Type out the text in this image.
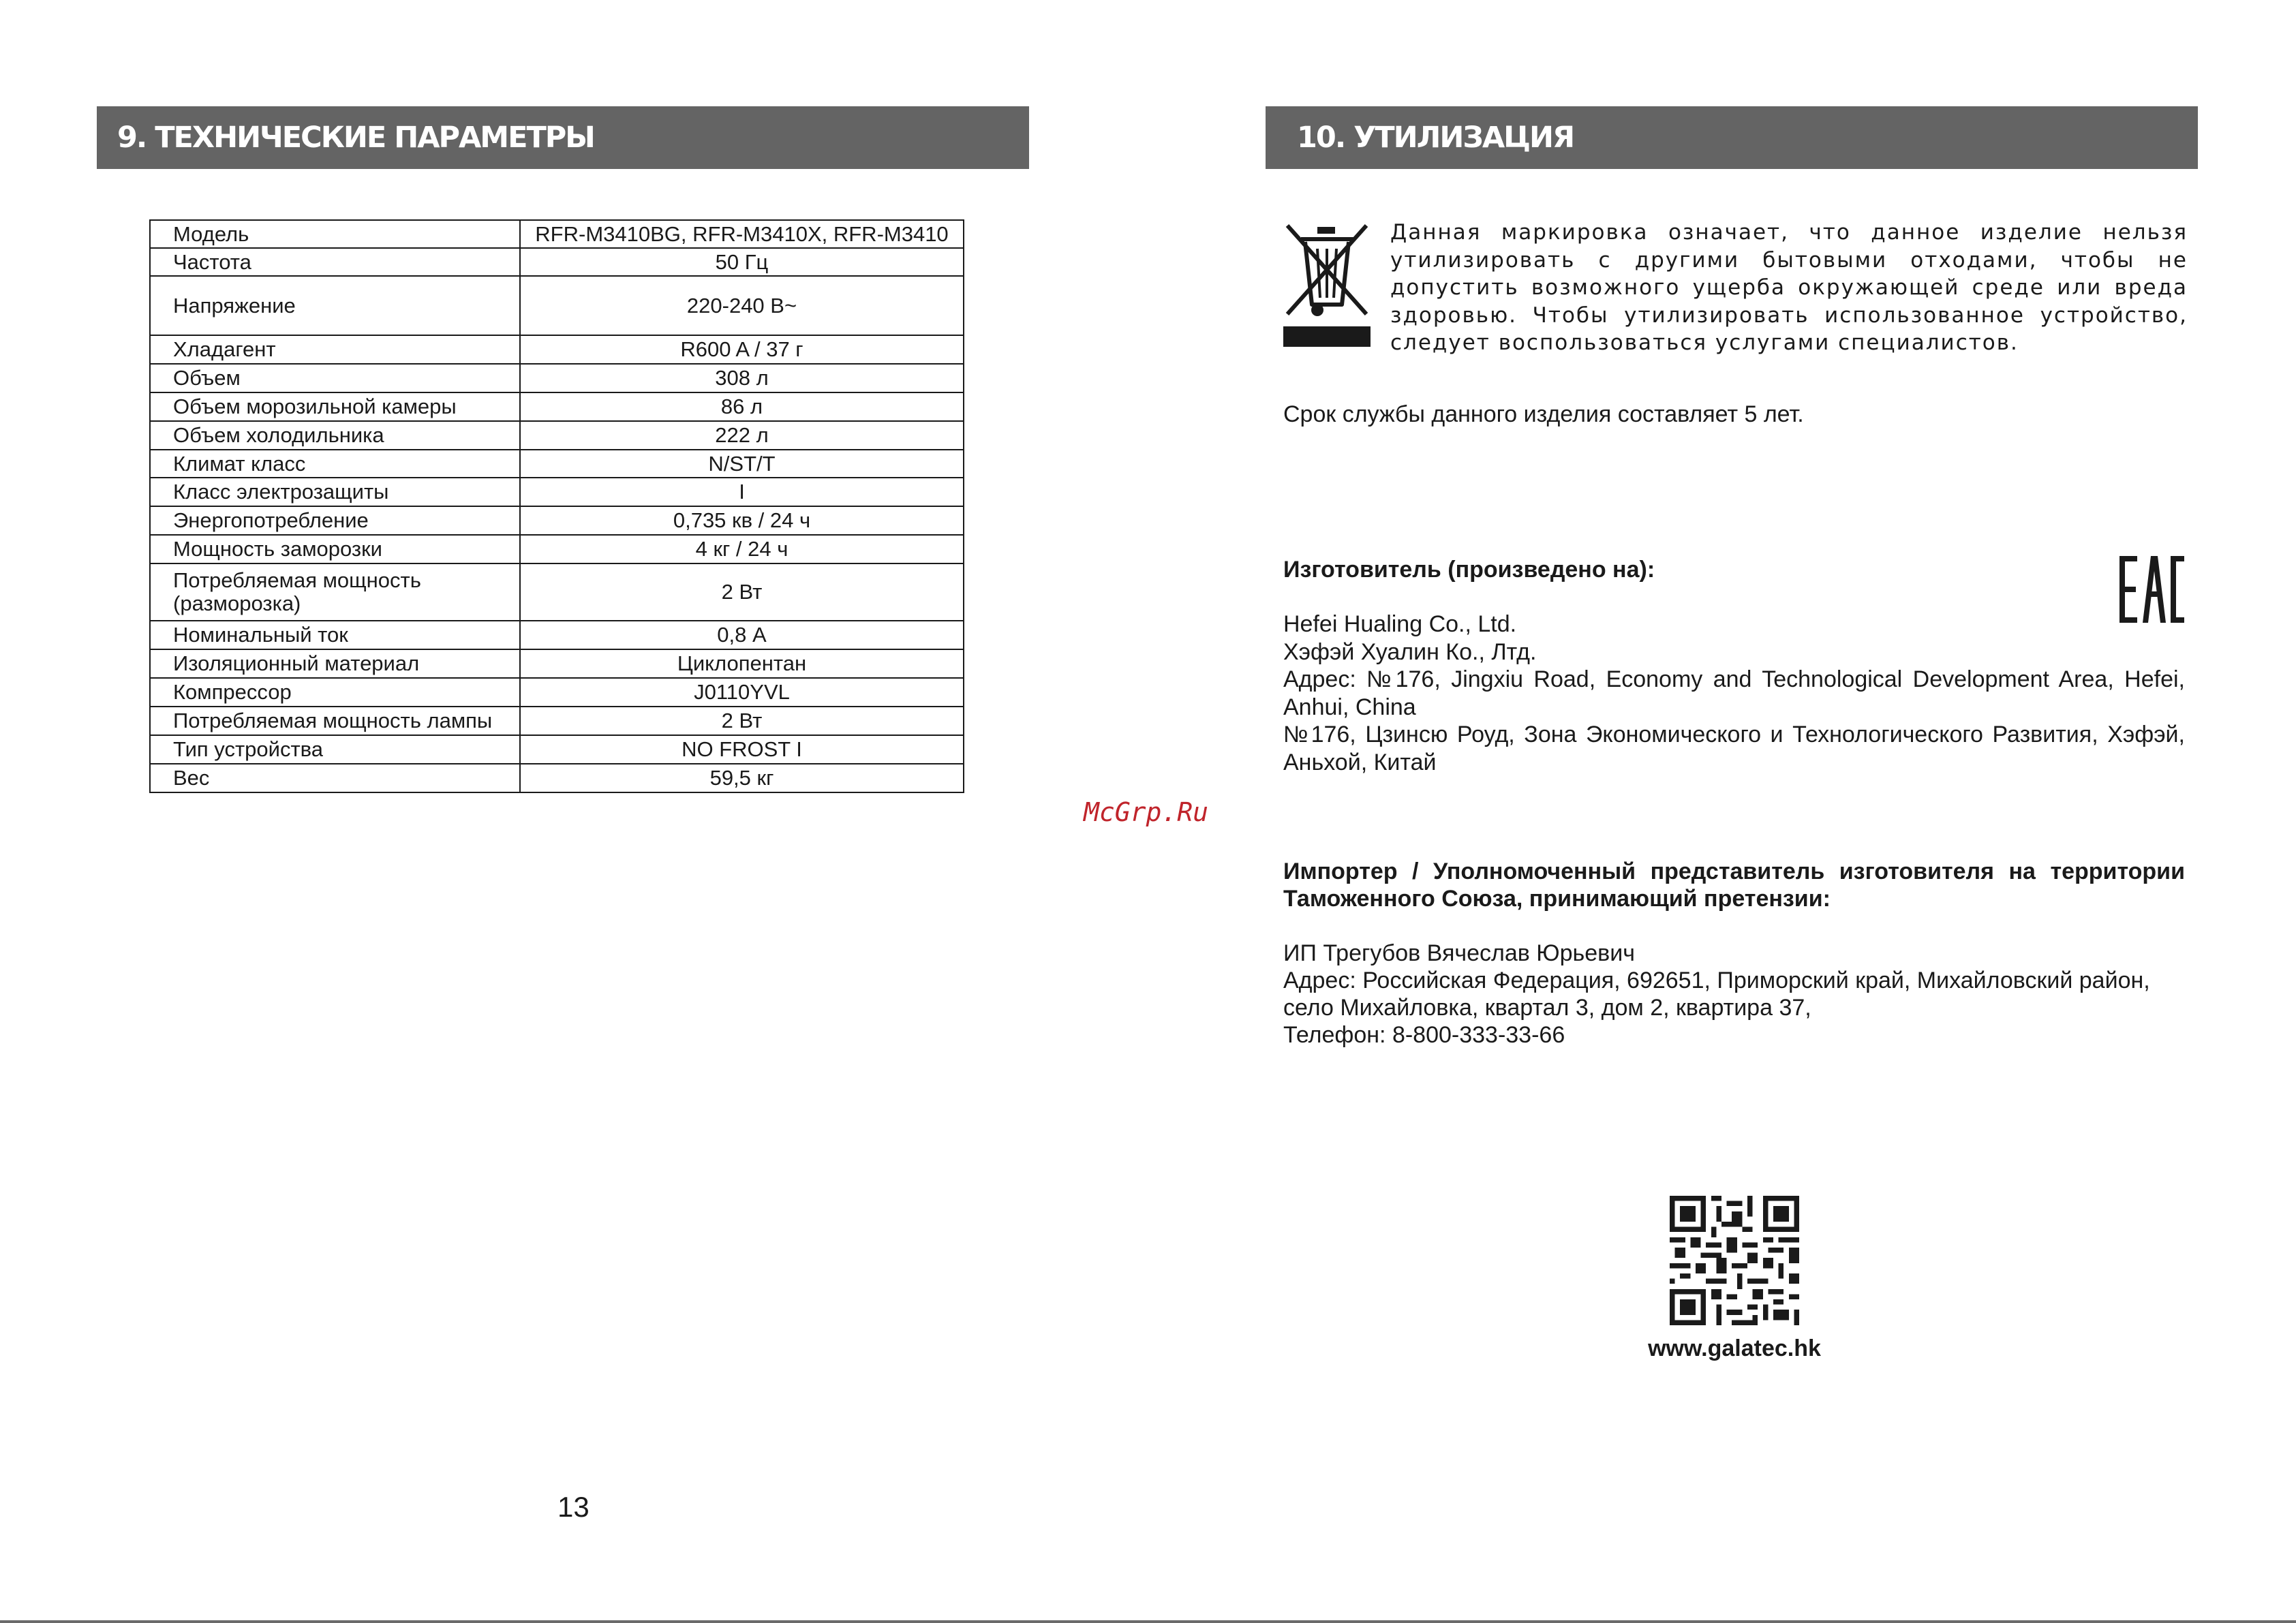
9. ТЕХНИЧЕСКИЕ ПАРАМЕТРЫ
Модель	RFR-M3410BG, RFR-M3410X, RFR-M3410
Частота	50 Гц
Напряжение	220-240 В~
Хладагент	R600 A / 37 г
Объем	308 л
Объем морозильной камеры	86 л
Объем холодильника	222 л
Климат класс	N/ST/T
Класс электрозащиты	I
Энергопотребление	0,735 кв / 24 ч
Мощность заморозки	4 кг / 24 ч
Потребляемая мощность (разморозка)	2 Вт
Номинальный ток	0,8 А
Изоляционный материал	Циклопентан
Компрессор	J0110YVL
Потребляемая мощность лампы	2 Вт
Тип устройства	NO FROST I
Вес	59,5 кг
13
McGrp.Ru
10. УТИЛИЗАЦИЯ
Данная маркировка означает, что данное изделие нельзя утилизировать с другими бытовыми отходами, чтобы не допустить возможного ущерба окружающей среде или вреда здоровью. Чтобы утилизировать использованное устройство, следует воспользоваться услугами специалистов.
Срок службы данного изделия составляет 5 лет.
Изготовитель (произведено на):
Hefei Hualing Co., Ltd.
Хэфэй Хуалин Ко., Лтд.
Адрес: №176, Jingxiu Road, Economy and Technological Development Area, Hefei, Anhui, China
№176, Цзинсю Роуд, Зона Экономического и Технологического Развития, Хэфэй, Аньхой, Китай
Импортер / Уполномоченный представитель изготовителя на территории Таможенного Союза, принимающий претензии:
ИП Трегубов Вячеслав Юрьевич
Адрес: Российская Федерация, 692651, Приморский край, Михайловский район, село Михайловка, квартал 3, дом 2, квартира 37,
Телефон: 8-800-333-33-66
www.galatec.hk
